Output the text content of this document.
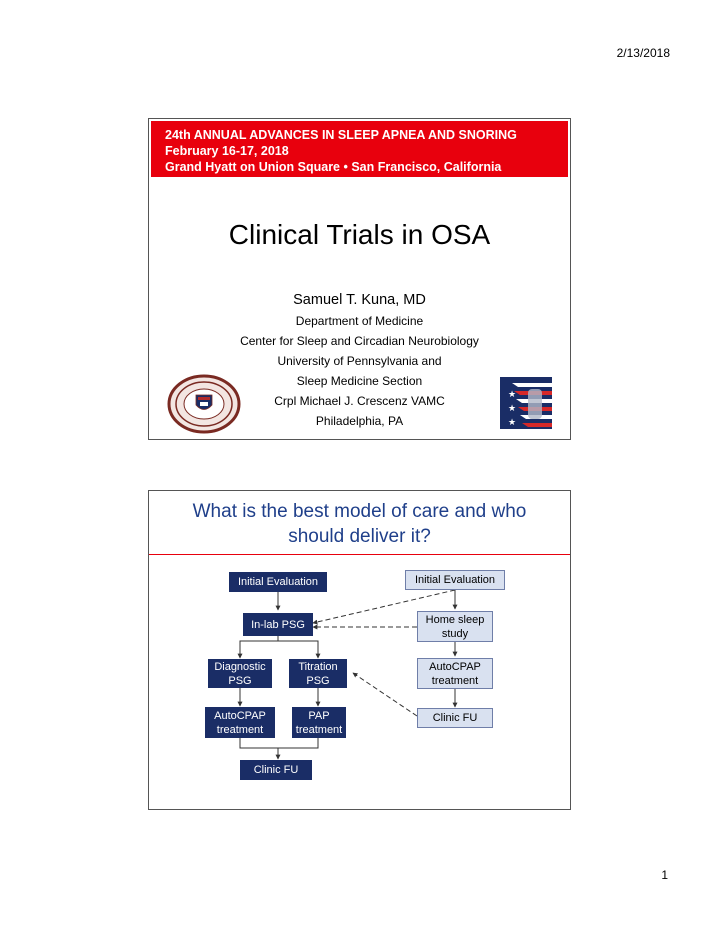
2/13/2018
24th ANNUAL ADVANCES IN SLEEP APNEA AND SNORING
February 16-17, 2018
Grand Hyatt on Union Square • San Francisco, California
Clinical Trials in OSA
Samuel T. Kuna, MD
Department of Medicine
Center for Sleep and Circadian Neurobiology
University of Pennsylvania and
Sleep Medicine Section
Crpl Michael J. Crescenz VAMC
Philadelphia, PA
★
★
★
What is the best model of care and who
should deliver it?
Initial Evaluation
In-lab PSG
Diagnostic
PSG
Titration
PSG
AutoCPAP
treatment
PAP
treatment
Clinic FU
Initial Evaluation
Home sleep
study
AutoCPAP
treatment
Clinic FU
1
